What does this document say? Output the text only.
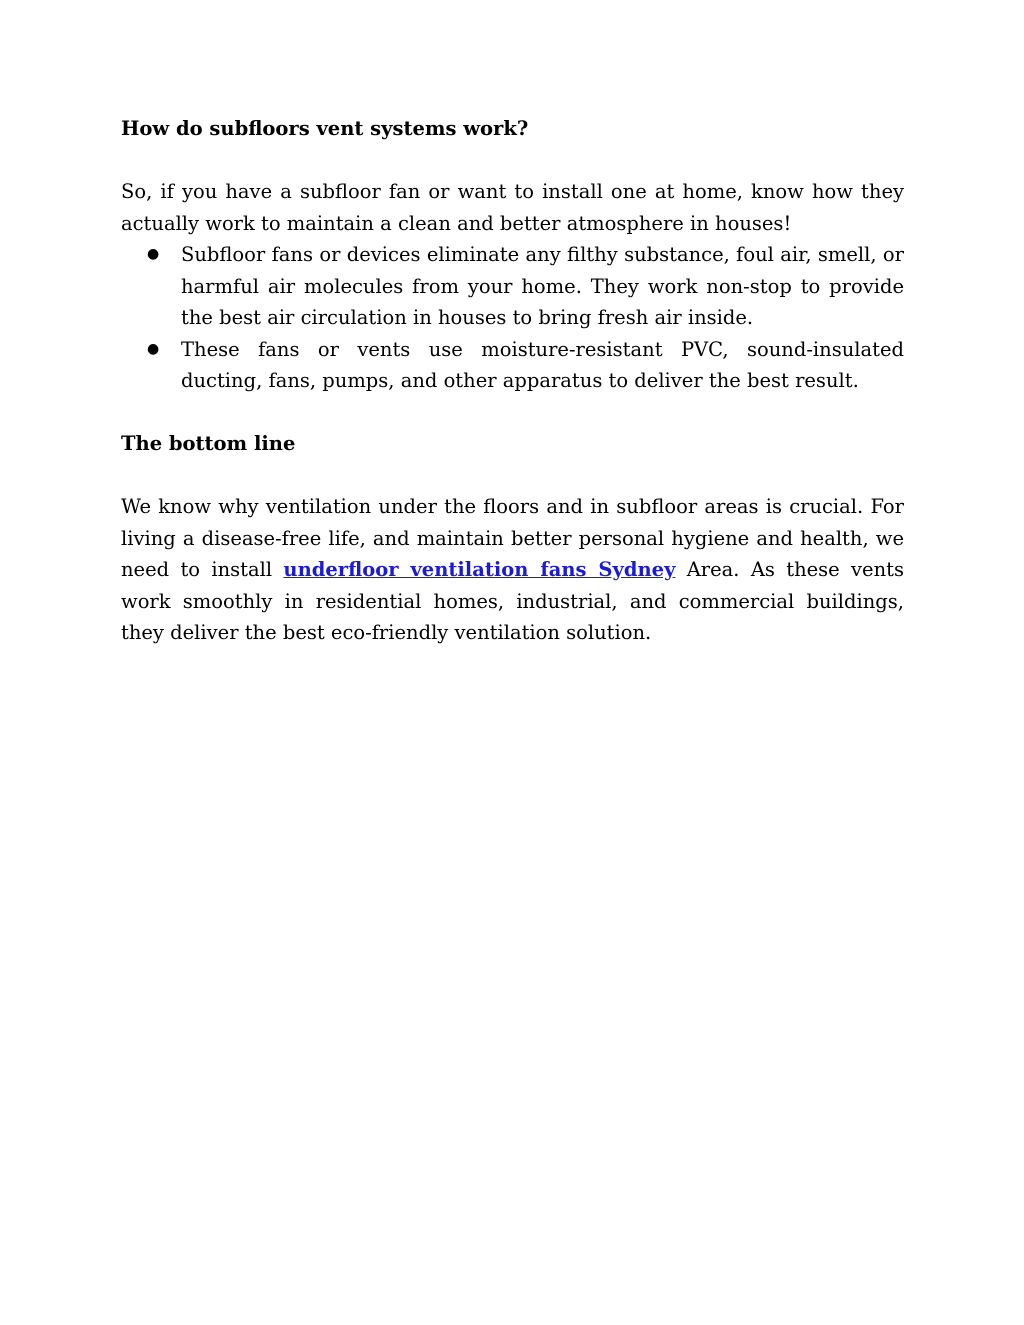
How do subfloors vent systems work?

So, if you have a subfloor fan or want to install one at home, know how they actually work to maintain a clean and better atmosphere in houses!

● Subfloor fans or devices eliminate any filthy substance, foul air, smell, or harmful air molecules from your home. They work non-stop to provide the best air circulation in houses to bring fresh air inside.
● These fans or vents use moisture-resistant PVC, sound-insulated ducting, fans, pumps, and other apparatus to deliver the best result.
The bottom line

We know why ventilation under the floors and in subfloor areas is crucial. For living a disease-free life, and maintain better personal hygiene and health, we need to install underfloor ventilation fans Sydney Area. As these vents work smoothly in residential homes, industrial, and commercial buildings, they deliver the best eco-friendly ventilation solution.
